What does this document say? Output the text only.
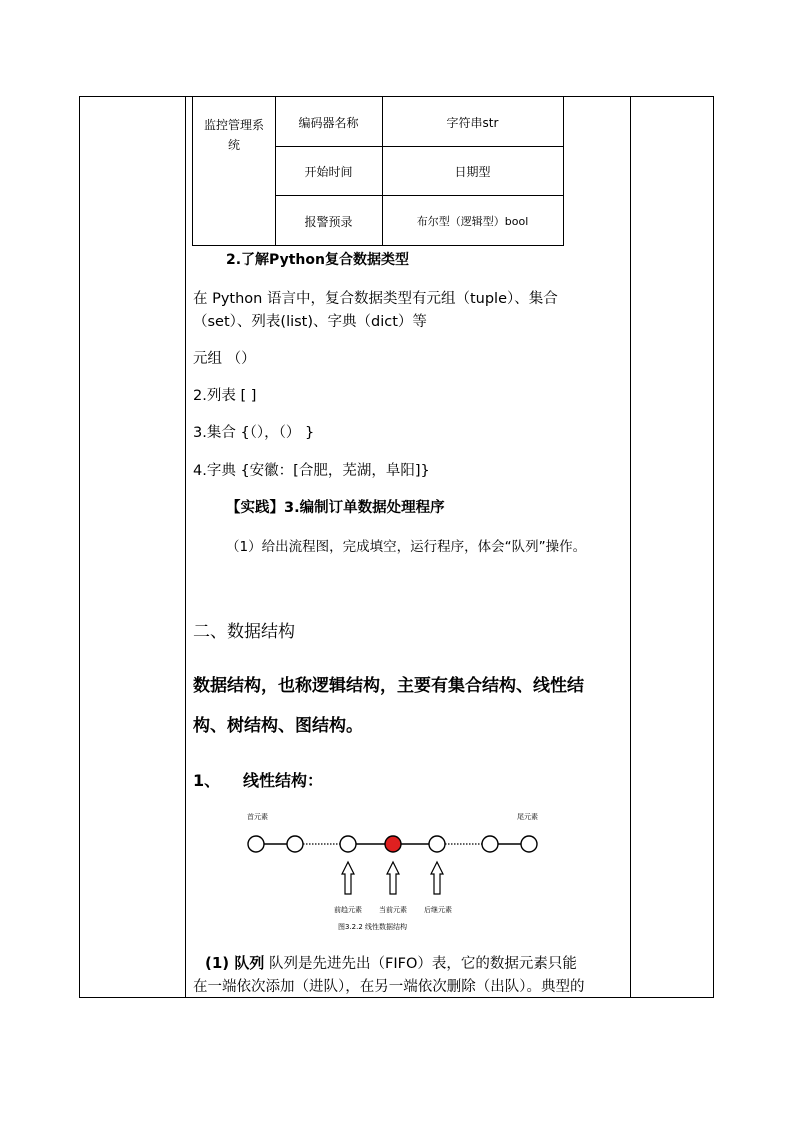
监控管理系
统
编码器名称	字符串str
开始时间	日期型
报警预录	布尔型（逻辑型）bool
2.了解Python复合数据类型
在 Python 语言中，复合数据类型有元组（tuple）、集合
（set）、列表(list)、字典（dict）等
元组 （）
2.列表 [ ]
3.集合 {（），（） }
4.字典 {安徽：[合肥，芜湖，阜阳]}
【实践】3.编制订单数据处理程序
（1）给出流程图，完成填空，运行程序，体会“队列”操作。
二、数据结构
数据结构，也称逻辑结构，主要有集合结构、线性结
构、树结构、图结构。
1、 线性结构：
首元素	尾元素
前趋元素 当前元素 后继元素
图3.2.2 线性数据结构
(1) 队列 队列是先进先出（FIFO）表，它的数据元素只能
在一端依次添加（进队），在另一端依次删除（出队）。典型的
